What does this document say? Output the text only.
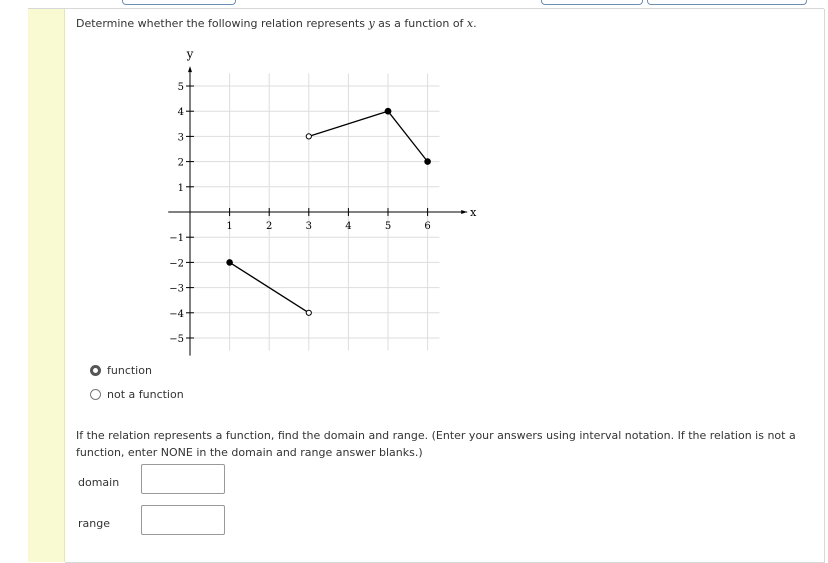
Determine whether the following relation represents y as a function of x.
1	2	3	4	5	6
5
4
3
2
1
−1
−2
−3
−4
−5
x
y
function
not a function
If the relation represents a function, find the domain and range. (Enter your answers using interval notation. If the relation is not a function, enter NONE in the domain and range answer blanks.)
domain
range
